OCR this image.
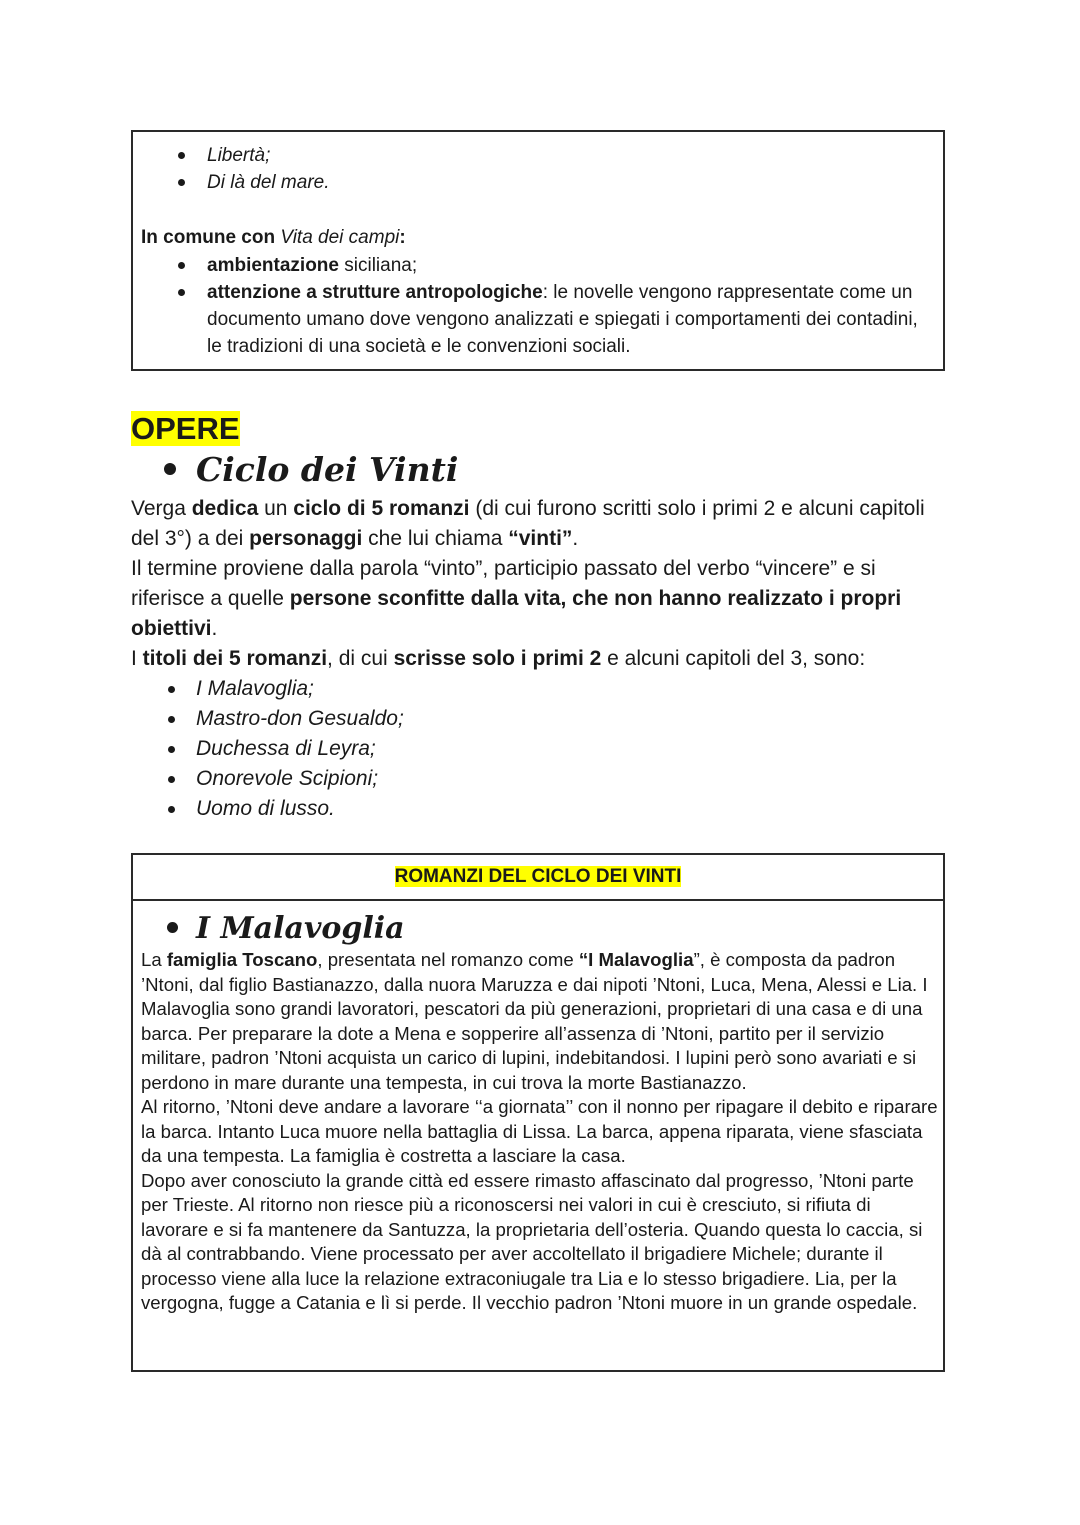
Libertà;
Di là del mare.
In comune con Vita dei campi:
ambientazione siciliana;
attenzione a strutture antropologiche: le novelle vengono rappresentate come un documento umano dove vengono analizzati e spiegati i comportamenti dei contadini, le tradizioni di una società e le convenzioni sociali.
OPERE
Ciclo dei Vinti

Verga dedica un ciclo di 5 romanzi (di cui furono scritti solo i primi 2 e alcuni capitoli del 3°) a dei personaggi che lui chiama “vinti”.

Il termine proviene dalla parola “vinto”, participio passato del verbo “vincere” e si riferisce a quelle persone sconfitte dalla vita, che non hanno realizzato i propri obiettivi.

I titoli dei 5 romanzi, di cui scrisse solo i primi 2 e alcuni capitoli del 3, sono:

I Malavoglia;
Mastro-don Gesualdo;
Duchessa di Leyra;
Onorevole Scipioni;
Uomo di lusso.
ROMANZI DEL CICLO DEI VINTI
I Malavoglia
La famiglia Toscano, presentata nel romanzo come “I Malavoglia”, è composta da padron ’Ntoni, dal figlio Bastianazzo, dalla nuora Maruzza e dai nipoti ’Ntoni, Luca, Mena, Alessi e Lia. I Malavoglia sono grandi lavoratori, pescatori da più generazioni, proprietari di una casa e di una barca. Per preparare la dote a Mena e sopperire all’assenza di ’Ntoni, partito per il servizio militare, padron ’Ntoni acquista un carico di lupini, indebitandosi. I lupini però sono avariati e si perdono in mare durante una tempesta, in cui trova la morte Bastianazzo.
Al ritorno, ’Ntoni deve andare a lavorare ‘‘a giornata’’ con il nonno per ripagare il debito e riparare la barca. Intanto Luca muore nella battaglia di Lissa. La barca, appena riparata, viene sfasciata da una tempesta. La famiglia è costretta a lasciare la casa.
Dopo aver conosciuto la grande città ed essere rimasto affascinato dal progresso, ’Ntoni parte per Trieste. Al ritorno non riesce più a riconoscersi nei valori in cui è cresciuto, si rifiuta di lavorare e si fa mantenere da Santuzza, la proprietaria dell’osteria. Quando questa lo caccia, si dà al contrabbando. Viene processato per aver accoltellato il brigadiere Michele; durante il processo viene alla luce la relazione extraconiugale tra Lia e lo stesso brigadiere. Lia, per la vergogna, fugge a Catania e lì si perde. Il vecchio padron ’Ntoni muore in un grande ospedale.
